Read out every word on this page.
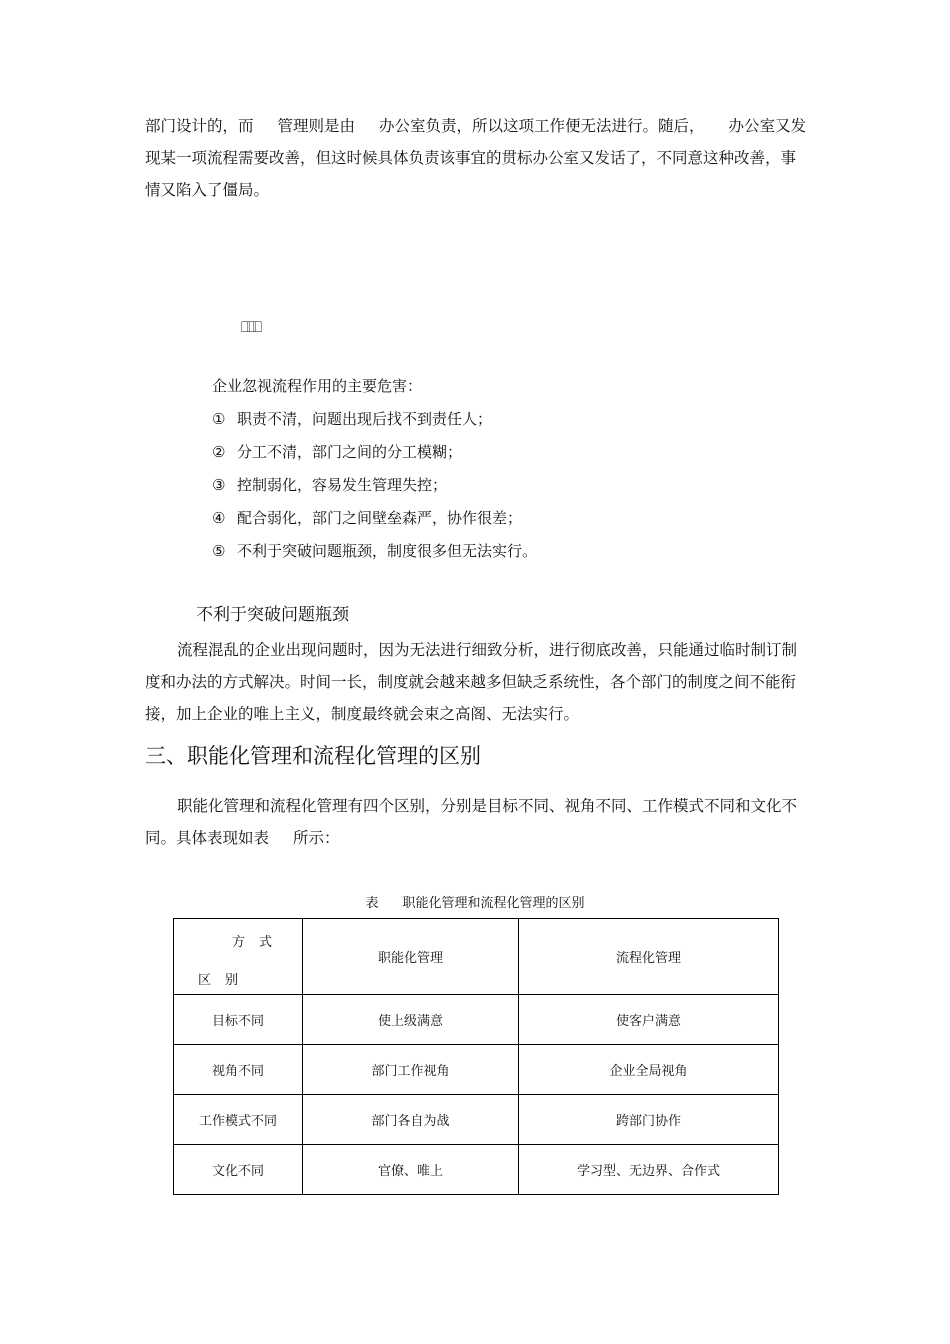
部门设计的，而 管理则是由 办公室负责，所以这项工作便无法进行。随后， 办公室又发现某一项流程需要改善，但这时候具体负责该事宜的贯标办公室又发话了，不同意这种改善，事情又陷入了僵局。

⎕⎕⎕
企业忽视流程作用的主要危害：
① 职责不清，问题出现后找不到责任人；
② 分工不清，部门之间的分工模糊；
③ 控制弱化，容易发生管理失控；
④ 配合弱化，部门之间壁垒森严，协作很差；
⑤ 不利于突破问题瓶颈，制度很多但无法实行。
不利于突破问题瓶颈

流程混乱的企业出现问题时，因为无法进行细致分析，进行彻底改善，只能通过临时制订制度和办法的方式解决。时间一长，制度就会越来越多但缺乏系统性，各个部门的制度之间不能衔接，加上企业的唯上主义，制度最终就会束之高阁、无法实行。

三、职能化管理和流程化管理的区别

职能化管理和流程化管理有四个区别，分别是目标不同、视角不同、工作模式不同和文化不同。具体表现如表 所示：

表 职能化管理和流程化管理的区别
方式
区别	职能化管理	流程化管理
目标不同	使上级满意	使客户满意
视角不同	部门工作视角	企业全局视角
工作模式不同	部门各自为战	跨部门协作
文化不同	官僚、唯上	学习型、无边界、合作式
